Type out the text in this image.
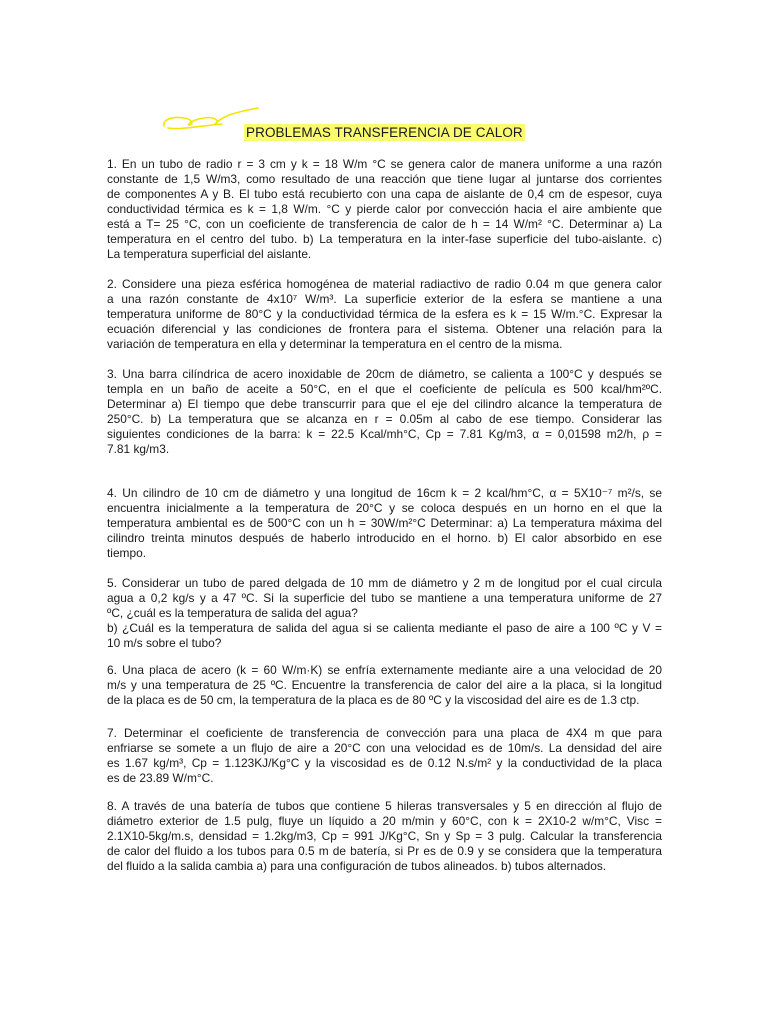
PROBLEMAS TRANSFERENCIA DE CALOR
1. En un tubo de radio r = 3 cm y k = 18 W/m °C se genera calor de manera uniforme a una razón
constante de 1,5 W/m3, como resultado de una reacción que tiene lugar al juntarse dos corrientes
de componentes A y B. El tubo está recubierto con una capa de aislante de 0,4 cm de espesor, cuya
conductividad térmica es k = 1,8 W/m. °C y pierde calor por convección hacia el aire ambiente que
está a T= 25 °C, con un coeficiente de transferencia de calor de h = 14 W/m² °C. Determinar a) La
temperatura en el centro del tubo. b) La temperatura en la inter-fase superficie del tubo-aislante. c)
La temperatura superficial del aislante.
2. Considere una pieza esférica homogénea de material radiactivo de radio 0.04 m que genera calor
a una razón constante de 4x10⁷ W/m³. La superficie exterior de la esfera se mantiene a una
temperatura uniforme de 80°C y la conductividad térmica de la esfera es k = 15 W/m.°C. Expresar la
ecuación diferencial y las condiciones de frontera para el sistema. Obtener una relación para la
variación de temperatura en ella y determinar la temperatura en el centro de la misma.
3. Una barra cilíndrica de acero inoxidable de 20cm de diámetro, se calienta a 100°C y después se
templa en un baño de aceite a 50°C, en el que el coeficiente de película es 500 kcal/hm²ºC.
Determinar a) El tiempo que debe transcurrir para que el eje del cilindro alcance la temperatura de
250°C. b) La temperatura que se alcanza en r = 0.05m al cabo de ese tiempo. Considerar las
siguientes condiciones de la barra: k = 22.5 Kcal/mh°C, Cp = 7.81 Kg/m3, α = 0,01598 m2/h, ρ =
7.81 kg/m3.
4. Un cilindro de 10 cm de diámetro y una longitud de 16cm k = 2 kcal/hm°C, α = 5X10⁻⁷ m²/s, se
encuentra inicialmente a la temperatura de 20°C y se coloca después en un horno en el que la
temperatura ambiental es de 500°C con un h = 30W/m²°C Determinar: a) La temperatura máxima del
cilindro treinta minutos después de haberlo introducido en el horno. b) El calor absorbido en ese
tiempo.
5. Considerar un tubo de pared delgada de 10 mm de diámetro y 2 m de longitud por el cual circula
agua a 0,2 kg/s y a 47 ºC. Si la superficie del tubo se mantiene a una temperatura uniforme de 27
ºC, ¿cuál es la temperatura de salida del agua?
b) ¿Cuál es la temperatura de salida del agua si se calienta mediante el paso de aire a 100 ºC y V =
10 m/s sobre el tubo?
6. Una placa de acero (k = 60 W/m·K) se enfría externamente mediante aire a una velocidad de 20
m/s y una temperatura de 25 ºC. Encuentre la transferencia de calor del aire a la placa, si la longitud
de la placa es de 50 cm, la temperatura de la placa es de 80 ºC y la viscosidad del aire es de 1.3 ctp.
7. Determinar el coeficiente de transferencia de convección para una placa de 4X4 m que para
enfriarse se somete a un flujo de aire a 20°C con una velocidad es de 10m/s. La densidad del aire
es 1.67 kg/m³, Cp = 1.123KJ/Kg°C y la viscosidad es de 0.12 N.s/m² y la conductividad de la placa
es de 23.89 W/m°C.
8. A través de una batería de tubos que contiene 5 hileras transversales y 5 en dirección al flujo de
diámetro exterior de 1.5 pulg, fluye un líquido a 20 m/min y 60°C, con k = 2X10-2 w/m°C, Visc =
2.1X10-5kg/m.s, densidad = 1.2kg/m3, Cp = 991 J/Kg°C, Sn y Sp = 3 pulg. Calcular la transferencia
de calor del fluido a los tubos para 0.5 m de batería, si Pr es de 0.9 y se considera que la temperatura
del fluido a la salida cambia a) para una configuración de tubos alineados. b) tubos alternados.
